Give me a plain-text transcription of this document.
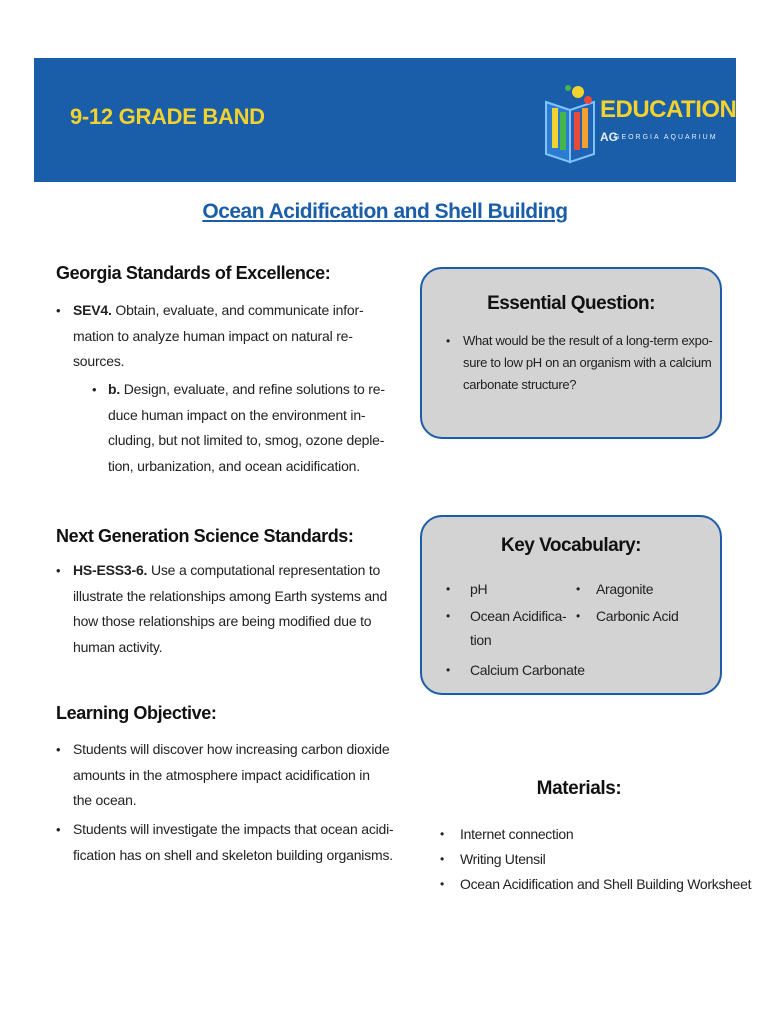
9-12 GRADE BAND	EDUCATION
AG
GEORGIA AQUARIUM
Ocean Acidification and Shell Building
Georgia Standards of Excellence:
• SEV4. Obtain, evaluate, and communicate infor-
mation to analyze human impact on natural re-
sources.
• b. Design, evaluate, and refine solutions to re-
duce human impact on the environment in-
cluding, but not limited to, smog, ozone deple-
tion, urbanization, and ocean acidification.
Next Generation Science Standards:
• HS-ESS3-6. Use a computational representation to
illustrate the relationships among Earth systems and
how those relationships are being modified due to
human activity.
Learning Objective:
• Students will discover how increasing carbon dioxide
amounts in the atmosphere impact acidification in
the ocean.
• Students will investigate the impacts that ocean acidi-
fication has on shell and skeleton building organisms.
Essential Question:
• What would be the result of a long-term expo-
sure to low pH on an organism with a calcium
carbonate structure?
Key Vocabulary:
• pH
• Ocean Acidifica-
tion
• Calcium Carbonate
• Aragonite
• Carbonic Acid
Materials:
• Internet connection
• Writing Utensil
• Ocean Acidification and Shell Building Worksheet
